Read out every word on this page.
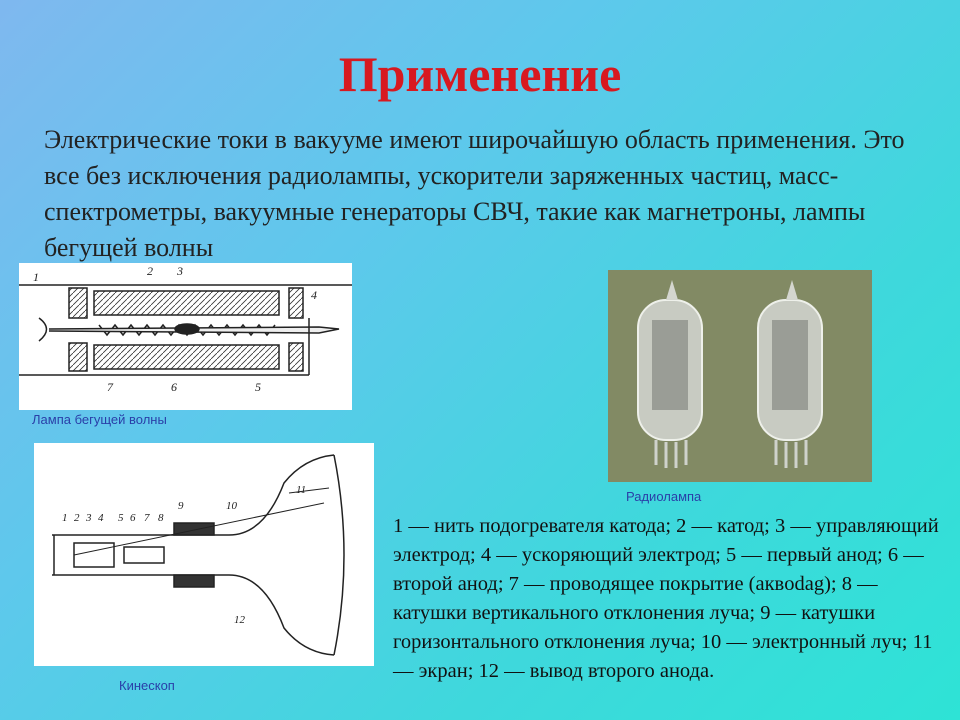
Применение
Электрические токи в вакууме имеют широчайшую область применения. Это все без исключения радиолампы, ускорители заряженных частиц, масс-спектрометры, вакуумные генераторы СВЧ, такие как магнетроны, лампы бегущей волны
1	2 3
4
5
6
7
Лампа бегущей волны
Радиолампа
1 2 3 4 5 6 7 8
9	10
11
12
Кинескоп
1 — нить подогревателя катода; 2 — катод; 3 — управляющий электрод; 4 — ускоряющий электрод; 5 — первый анод; 6 — второй анод; 7 — проводящее покрытие (аквodag); 8 — катушки вертикального отклонения луча; 9 — катушки горизонтального отклонения луча; 10 — электронный луч; 11 — экран; 12 — вывод второго анода.
